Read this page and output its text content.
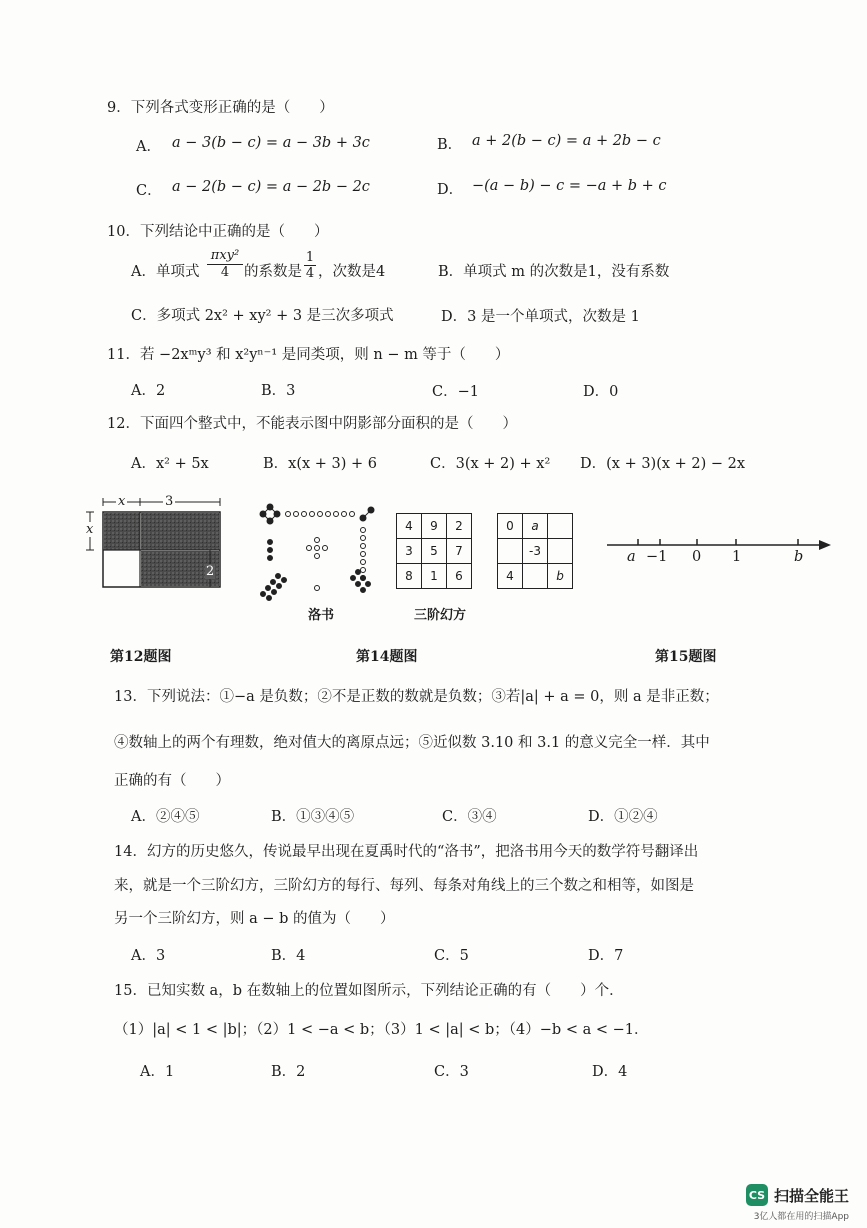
9．下列各式变形正确的是（　　）
A． a − 3(b − c) = a − 3b + 3c	B． a + 2(b − c) = a + 2b − c
C． a − 2(b − c) = a − 2b − 2c	D． −(a − b) − c = −a + b + c
10．下列结论中正确的是（　　）
A．单项式
πxy²
4	的系数是 $\frac{1}{4}$ ，次数是4	B．单项式 m 的次数是1，没有系数
C．多项式 2x² + xy² + 3 是三次多项式	D．3 是一个单项式，次数是 1
11．若 −2xᵐy³ 和 x²yⁿ⁻¹ 是同类项，则 n − m 等于（　　）
A．2	B．3	C．−1	D．0
12．下面四个整式中，不能表示图中阴影部分面积的是（　　）
A．x² + 5x	B．x(x + 3) + 6	C．3(x + 2) + x² D．(x + 3)(x + 2) − 2x
x	3
x
2
洛书
4	9	2
3	5	7
8	1	6
三阶幻方
0	a	
	-3	
4		b
a −1 0 1	b
第12题图	第14题图	第15题图
13．下列说法：①−a 是负数；②不是正数的数就是负数；③若|a| + a = 0，则 a 是非正数；
④数轴上的两个有理数，绝对值大的离原点远；⑤近似数 3.10 和 3.1 的意义完全一样．其中
正确的有（　　）
A．②④⑤	B．①③④⑤	C．③④	D．①②④
14．幻方的历史悠久，传说最早出现在夏禹时代的“洛书”，把洛书用今天的数学符号翻译出
来，就是一个三阶幻方，三阶幻方的每行、每列、每条对角线上的三个数之和相等，如图是
另一个三阶幻方，则 a − b 的值为（　　）
A．3	B．4	C．5	D．7
15．已知实数 a，b 在数轴上的位置如图所示，下列结论正确的有（　　）个．
（1）|a| < 1 < |b|；（2）1 < −a < b；（3）1 < |a| < b；（4）−b < a < −1．
A．1	B．2	C．3	D．4
CS 扫描全能王
3亿人都在用的扫描App
